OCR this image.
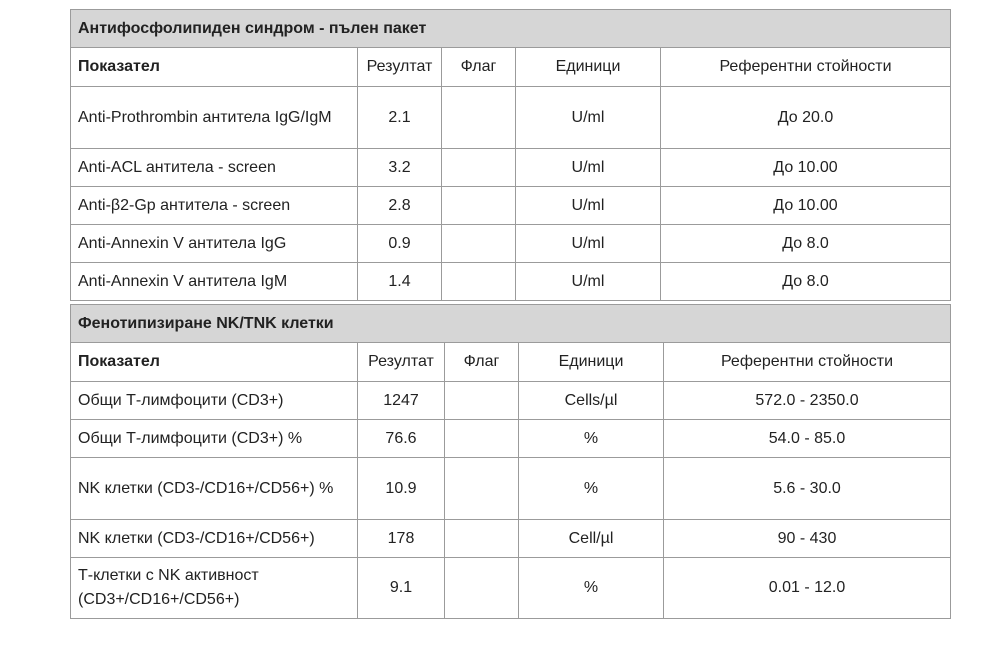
Антифосфолипиден синдром - пълен пакет				
Показател	Резултат	Флаг	Единици	Референтни стойности
Anti-Prothrombin антитела IgG/IgM	2.1		U/ml	До 20.0
Anti-ACL антитела - screen	3.2		U/ml	До 10.00
Anti-β2-Gp антитела - screen	2.8		U/ml	До 10.00
Anti-Annexin V антитела IgG	0.9		U/ml	До 8.0
Anti-Annexin V антитела IgM	1.4		U/ml	До 8.0
Фенотипизиране NK/TNK клетки				
Показател	Резултат	Флаг	Единици	Референтни стойности
Общи Т-лимфоцити (CD3+)	1247		Cells/µl	572.0 - 2350.0
Общи Т-лимфоцити (CD3+) %	76.6		%	54.0 - 85.0
NK клетки (CD3-/CD16+/CD56+) %	10.9		%	5.6 - 30.0
NK клетки (CD3-/CD16+/CD56+)	178		Cell/µl	90 - 430
Т-клетки с NK активност (CD3+/CD16+/CD56+)	9.1		%	0.01 - 12.0
